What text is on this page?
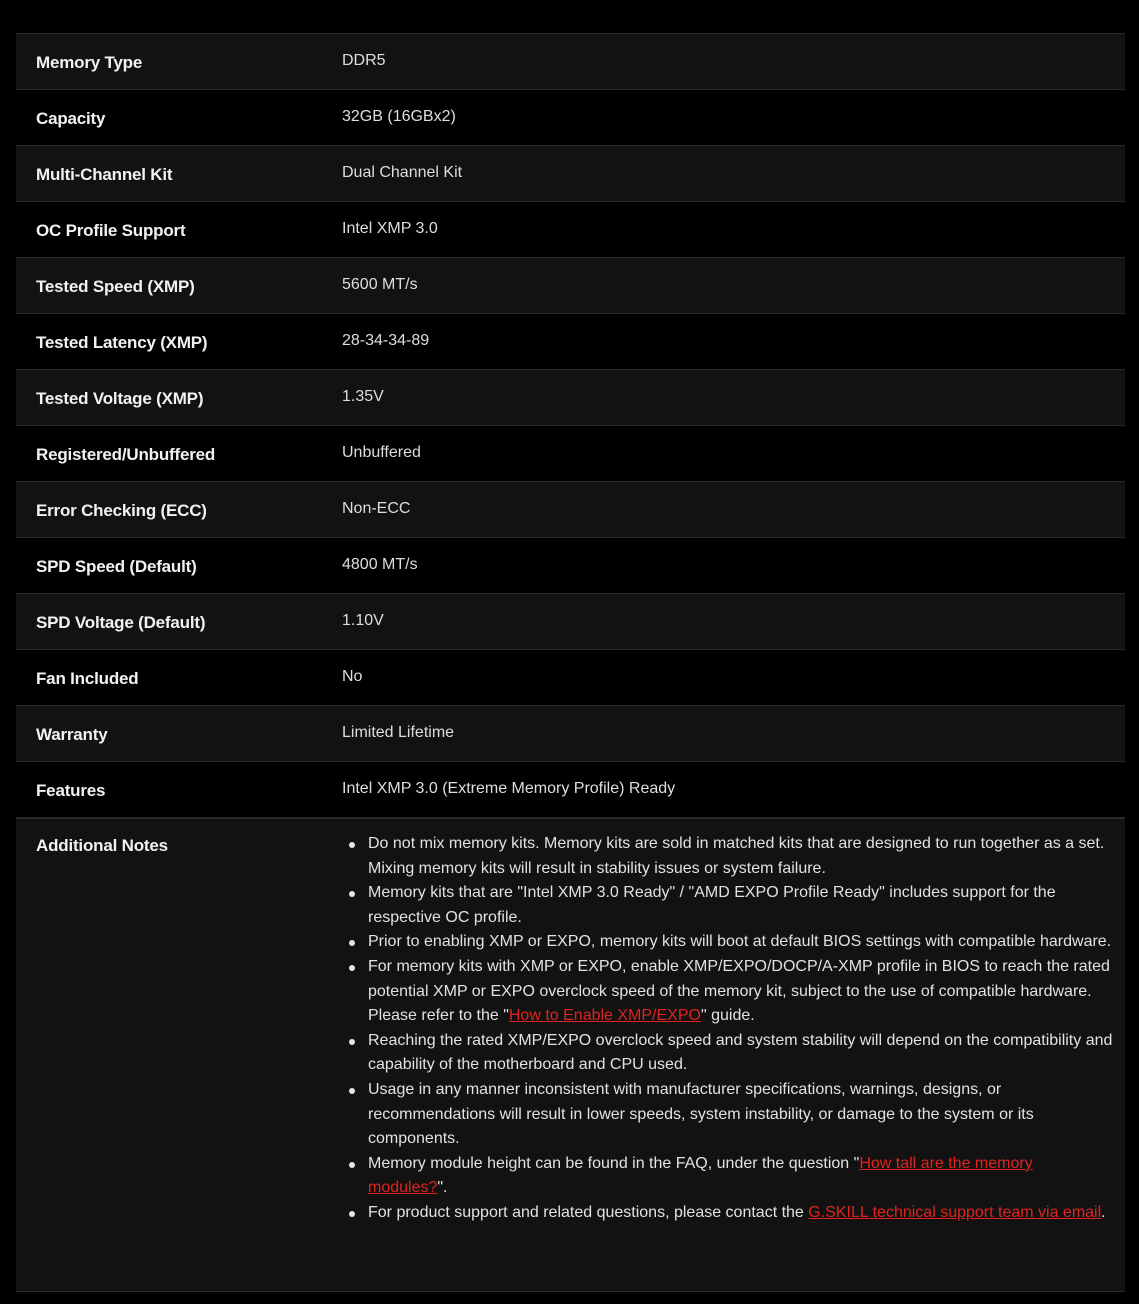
Memory Type	DDR5
Capacity	32GB (16GBx2)
Multi-Channel Kit	Dual Channel Kit
OC Profile Support	Intel XMP 3.0
Tested Speed (XMP)	5600 MT/s
Tested Latency (XMP)	28-34-34-89
Tested Voltage (XMP)	1.35V
Registered/Unbuffered	Unbuffered
Error Checking (ECC)	Non-ECC
SPD Speed (Default)	4800 MT/s
SPD Voltage (Default)	1.10V
Fan Included	No
Warranty	Limited Lifetime
Features	Intel XMP 3.0 (Extreme Memory Profile) Ready
Additional Notes	Do not mix memory kits. Memory kits are sold in matched kits that are designed to run together as a set. Mixing memory kits will result in stability issues or system failure.
Memory kits that are "Intel XMP 3.0 Ready" / "AMD EXPO Profile Ready" includes support for the respective OC profile.
Prior to enabling XMP or EXPO, memory kits will boot at default BIOS settings with compatible hardware.
For memory kits with XMP or EXPO, enable XMP/EXPO/DOCP/A-XMP profile in BIOS to reach the rated potential XMP or EXPO overclock speed of the memory kit, subject to the use of compatible hardware. Please refer to the "How to Enable XMP/EXPO" guide.
Reaching the rated XMP/EXPO overclock speed and system stability will depend on the compatibility and capability of the motherboard and CPU used.
Usage in any manner inconsistent with manufacturer specifications, warnings, designs, or recommendations will result in lower speeds, system instability, or damage to the system or its components.
Memory module height can be found in the FAQ, under the question "How tall are the memory modules?".
For product support and related questions, please contact the G.SKILL technical support team via email.
